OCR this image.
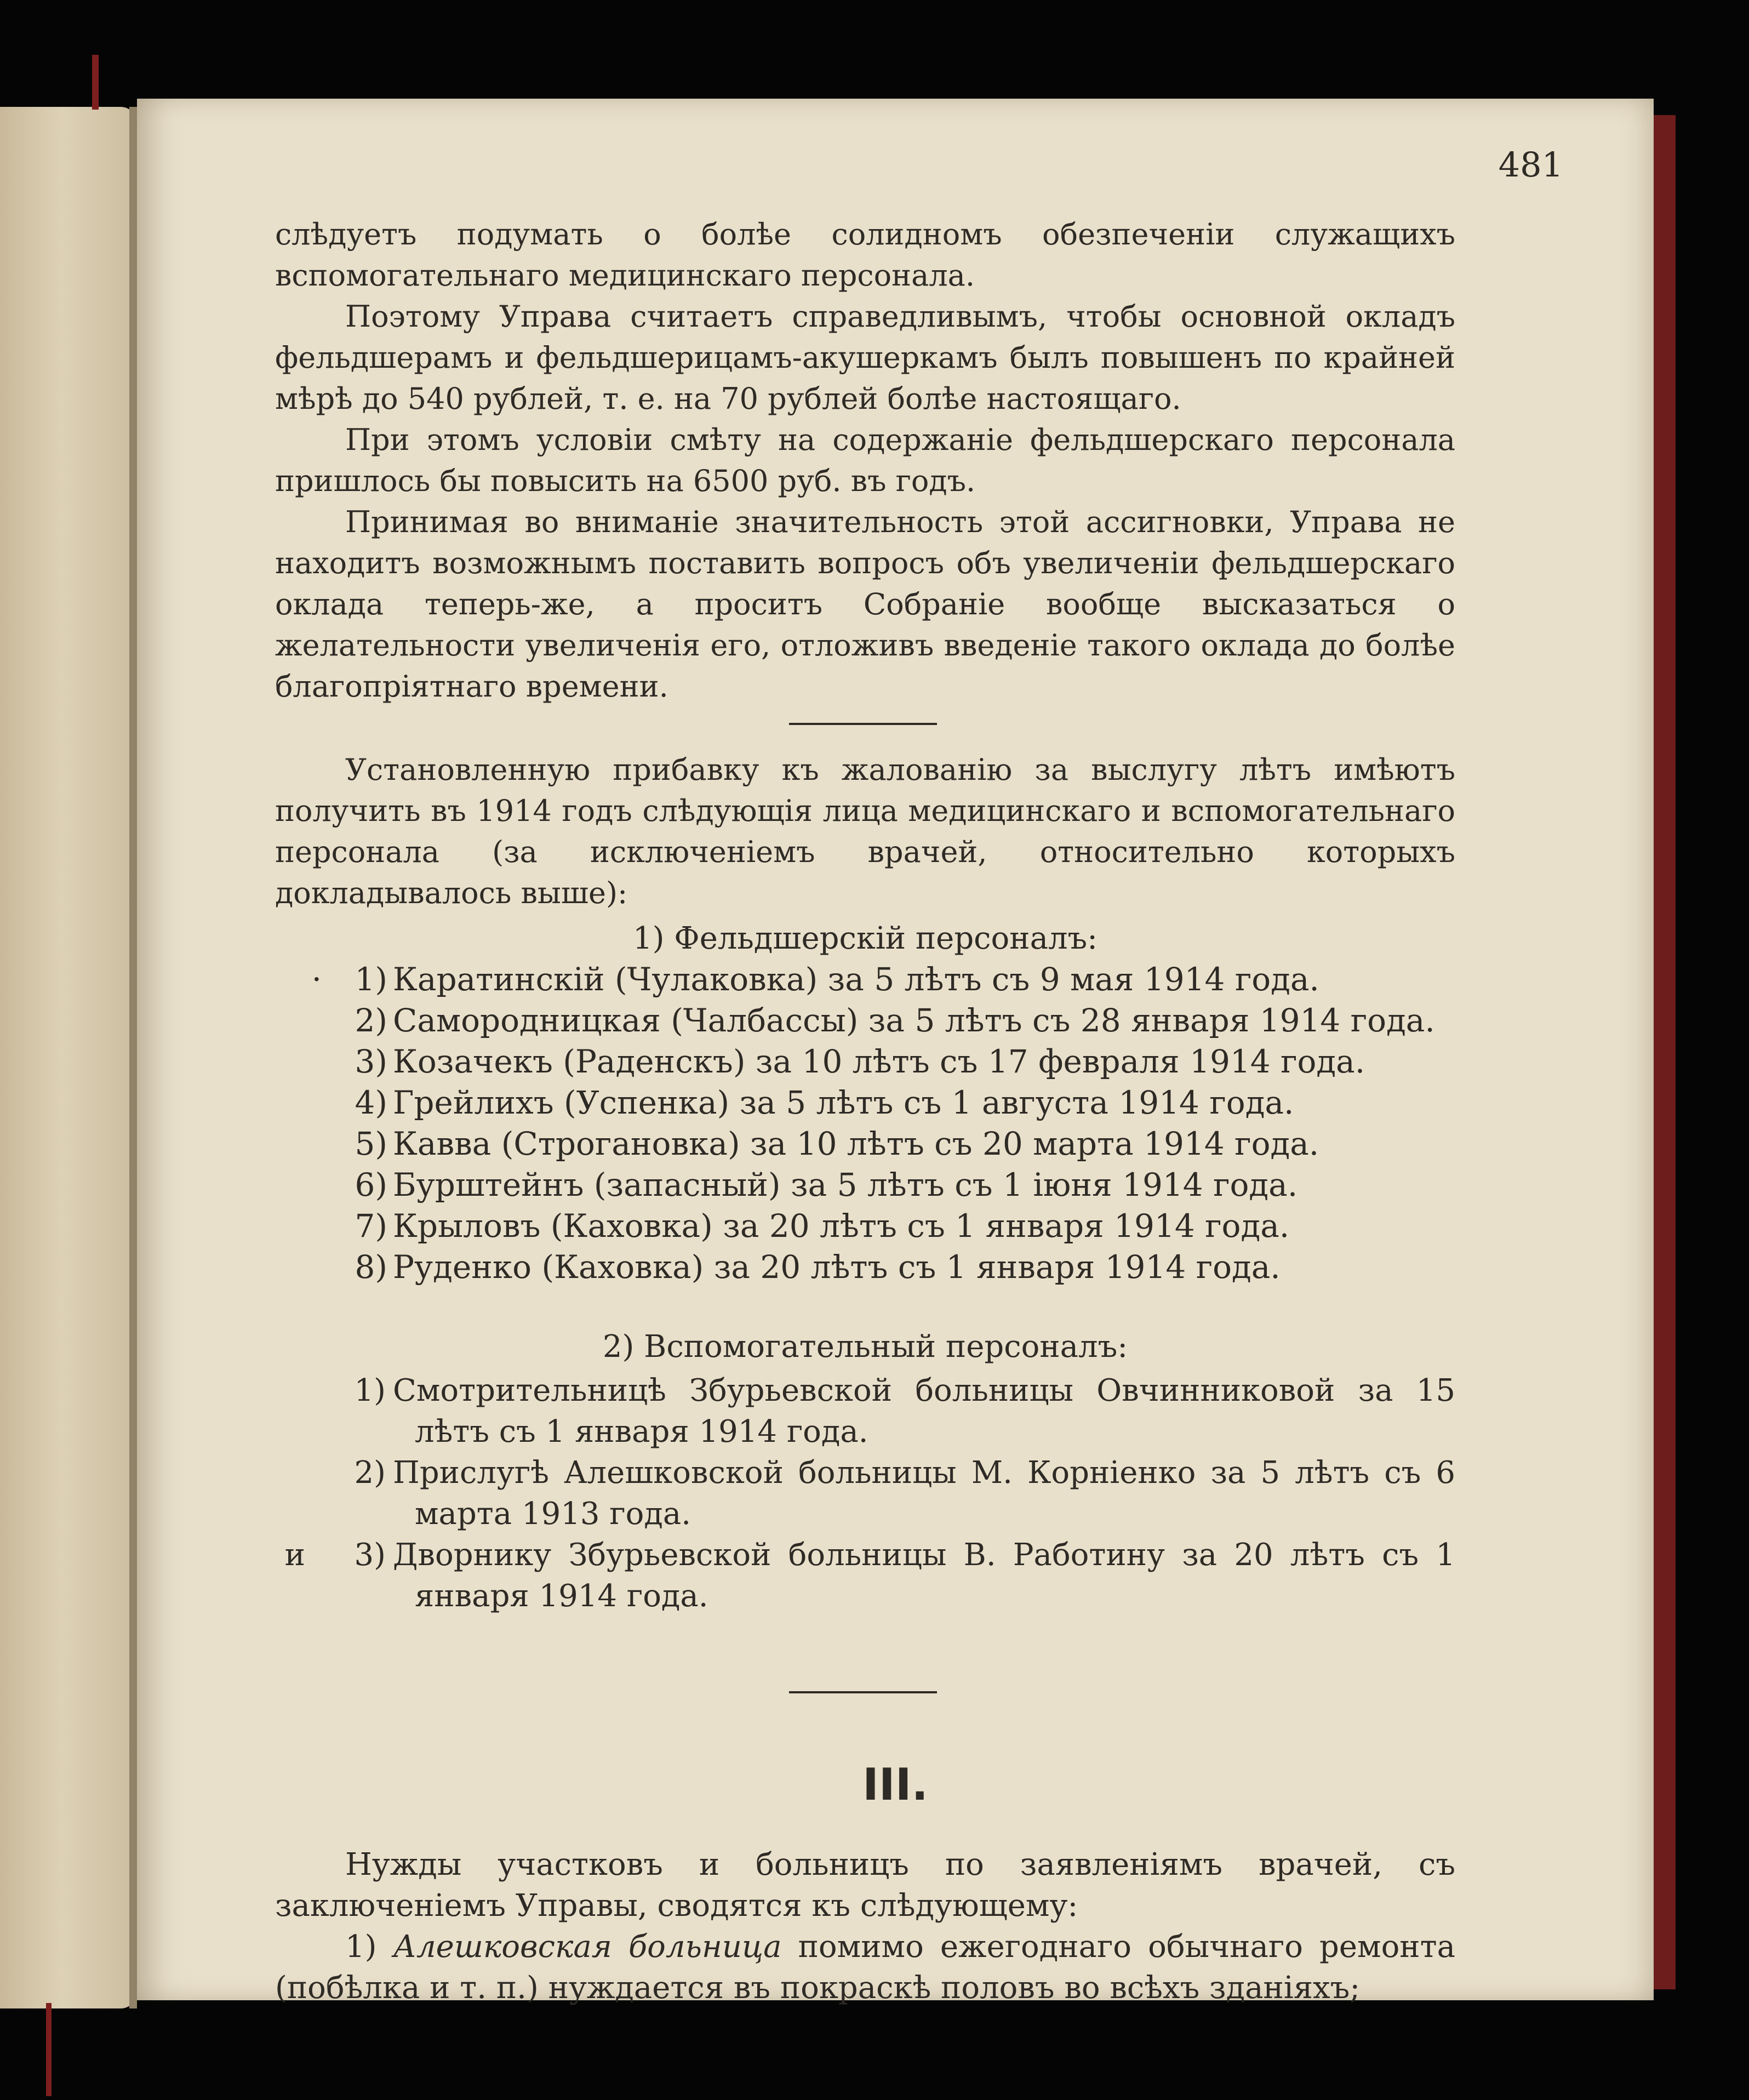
481

слѣдуетъ подумать о болѣе солидномъ обезпеченіи служащихъ вспомогательнаго медицинскаго персонала.

Поэтому Управа считаетъ справедливымъ, чтобы основной окладъ фельдшерамъ и фельдшерицамъ-акушеркамъ былъ повышенъ по крайней мѣрѣ до 540 рублей, т. е. на 70 рублей болѣе настоящаго.

При этомъ условіи смѣту на содержаніе фельдшерскаго персонала пришлось бы повысить на 6500 руб. въ годъ.

Принимая во вниманіе значительность этой ассигновки, Управа не находитъ возможнымъ поставить вопросъ объ увеличеніи фельдшерскаго оклада теперь-же, а проситъ Собраніе вообще высказаться о желательности увеличенія его, отложивъ введеніе такого оклада до болѣе благопріятнаго времени.

Установленную прибавку къ жалованію за выслугу лѣтъ имѣютъ получить въ 1914 годъ слѣдующія лица медицинскаго и вспомогательнаго персонала (за исключеніемъ врачей, относительно которыхъ докладывалось выше):

1) Фельдшерскій персоналъ:

·	1) Каратинскій (Чулаковка) за 5 лѣтъ съ 9 мая 1914 года.
2) Самородницкая (Чалбассы) за 5 лѣтъ съ 28 января 1914 года.
3) Козачекъ (Раденскъ) за 10 лѣтъ съ 17 февраля 1914 года.
4) Грейлихъ (Успенка) за 5 лѣтъ съ 1 августа 1914 года.
5) Кавва (Строгановка) за 10 лѣтъ съ 20 марта 1914 года.
6) Бурштейнъ (запасный) за 5 лѣтъ съ 1 іюня 1914 года.
7) Крыловъ (Каховка) за 20 лѣтъ съ 1 января 1914 года.
8) Руденко (Каховка) за 20 лѣтъ съ 1 января 1914 года.

2) Вспомогательный персоналъ:

1) Смотрительницѣ Збурьевской больницы Овчинниковой за 15 лѣтъ съ 1 января 1914 года.
2) Прислугѣ Алешковской больницы М. Корніенко за 5 лѣтъ съ 6 марта 1913 года.
и	3) Дворнику Збурьевской больницы В. Работину за 20 лѣтъ съ 1 января 1914 года.
III.

Нужды участковъ и больницъ по заявленіямъ врачей, съ заключеніемъ Управы, сводятся къ слѣдующему:

1) Алешковская больница помимо ежегоднаго обычнаго ремонта (побѣлка и т. п.) нуждается въ покраскѣ половъ во всѣхъ зданіяхъ;
